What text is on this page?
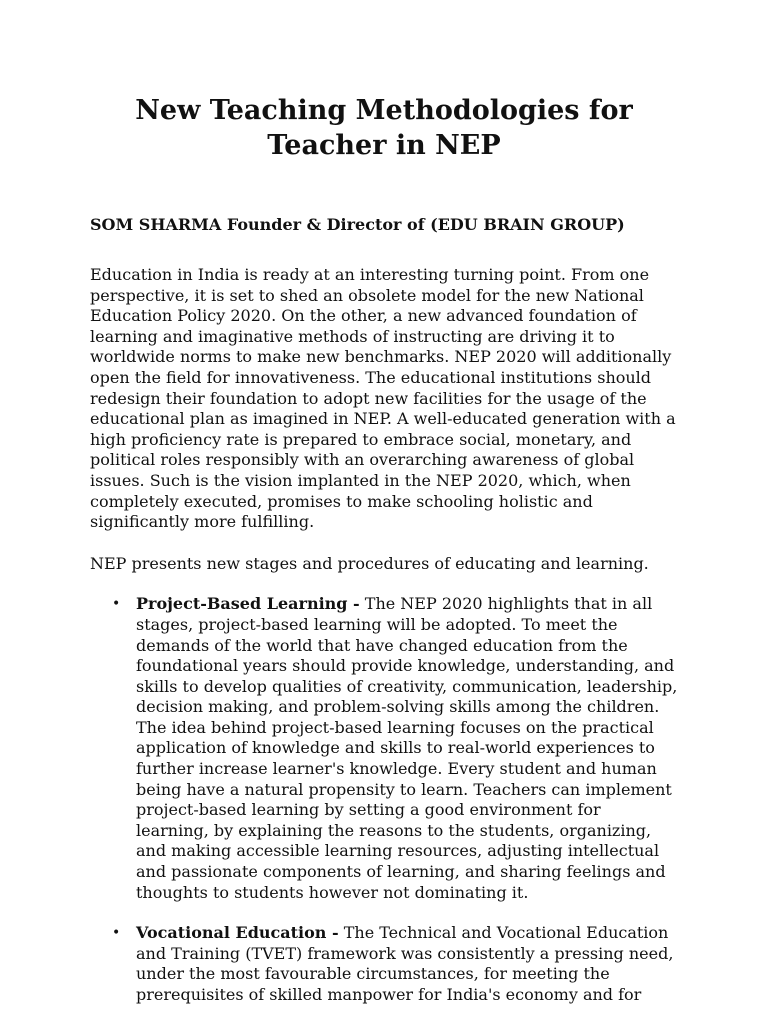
New Teaching Methodologies for Teacher in NEP

SOM SHARMA Founder & Director of (EDU BRAIN GROUP)

Education in India is ready at an interesting turning point. From one perspective, it is set to shed an obsolete model for the new National Education Policy 2020. On the other, a new advanced foundation of learning and imaginative methods of instructing are driving it to worldwide norms to make new benchmarks. NEP 2020 will additionally open the field for innovativeness. The educational institutions should redesign their foundation to adopt new facilities for the usage of the educational plan as imagined in NEP. A well-educated generation with a high proficiency rate is prepared to embrace social, monetary, and political roles responsibly with an overarching awareness of global issues. Such is the vision implanted in the NEP 2020, which, when completely executed, promises to make schooling holistic and significantly more fulfilling.

NEP presents new stages and procedures of educating and learning.

• Project-Based Learning - The NEP 2020 highlights that in all stages, project-based learning will be adopted. To meet the demands of the world that have changed education from the foundational years should provide knowledge, understanding, and skills to develop qualities of creativity, communication, leadership, decision making, and problem-solving skills among the children. The idea behind project-based learning focuses on the practical application of knowledge and skills to real-world experiences to further increase learner's knowledge. Every student and human being have a natural propensity to learn. Teachers can implement project-based learning by setting a good environment for learning, by explaining the reasons to the students, organizing, and making accessible learning resources, adjusting intellectual and passionate components of learning, and sharing feelings and thoughts to students however not dominating it.
• Vocational Education - The Technical and Vocational Education and Training (TVET) framework was consistently a pressing need, under the most favourable circumstances, for meeting the prerequisites of skilled manpower for India's economy and for
